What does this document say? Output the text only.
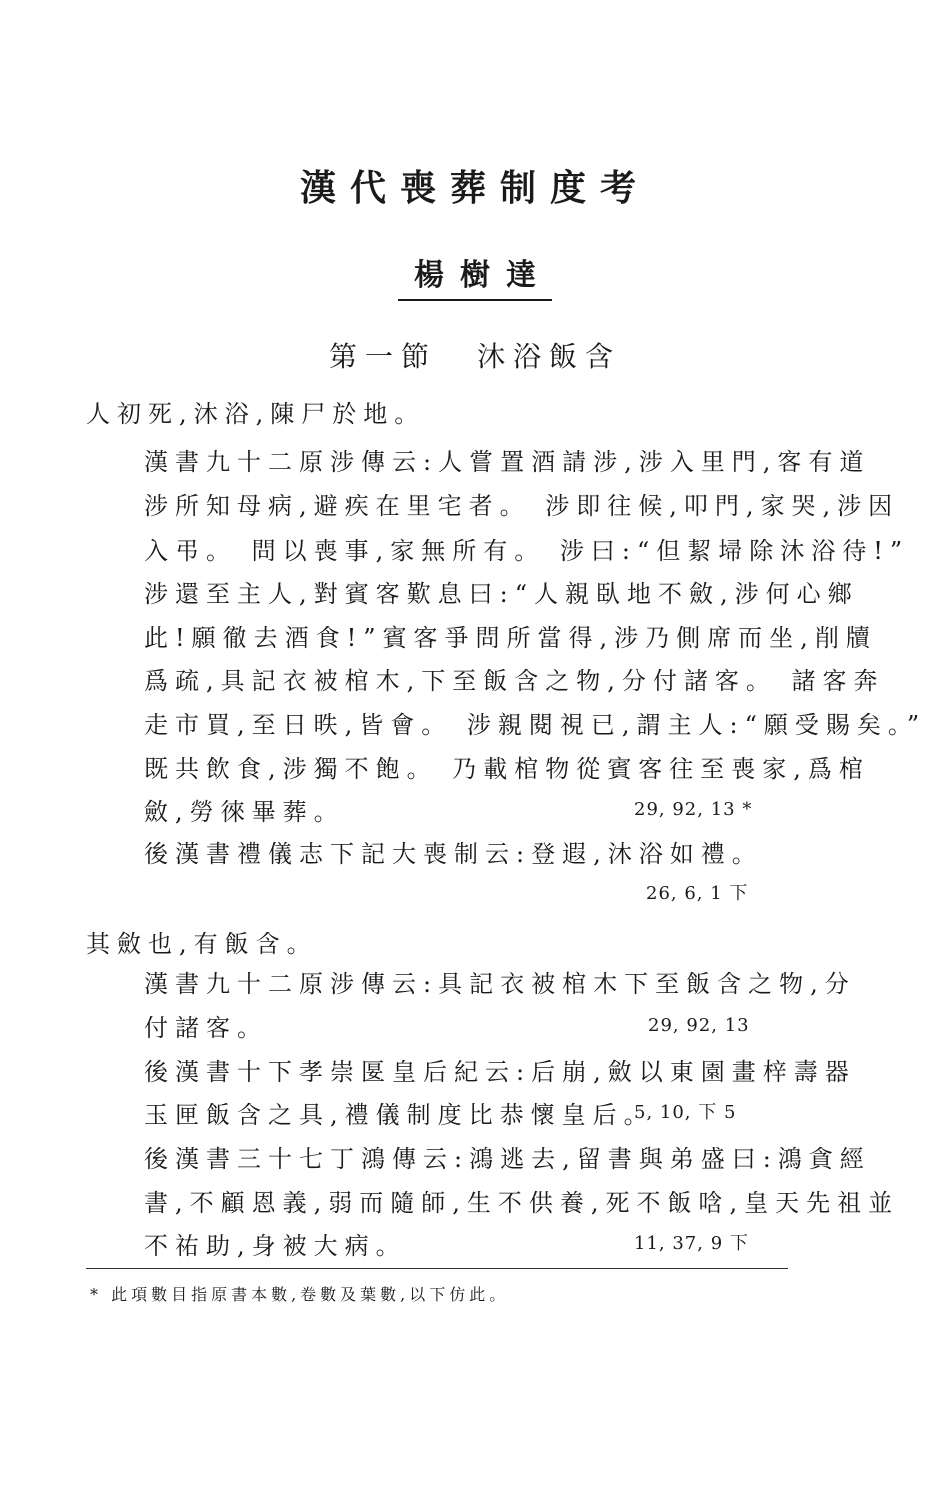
漢代喪葬制度考
楊樹達
第一節 沐浴飯含
人初死,沐浴,陳尸於地。
漢書九十二原涉傳云:人嘗置酒請涉,涉入里門,客有道
涉所知母病,避疾在里宅者。 涉即往候,叩門,家哭,涉因
入弔。 問以喪事,家無所有。 涉曰:“但絜埽除沐浴待!”
涉還至主人,對賓客歎息曰:“人親臥地不斂,涉何心鄉
此!願徹去酒食!”賓客爭問所當得,涉乃側席而坐,削牘
爲疏,具記衣被棺木,下至飯含之物,分付諸客。 諸客奔
走市買,至日昳,皆會。 涉親閱視已,謂主人:“願受賜矣。”
既共飲食,涉獨不飽。 乃載棺物從賓客往至喪家,爲棺
斂,勞徠畢葬。	29, 92, 13 *
後漢書禮儀志下記大喪制云:登遐,沐浴如禮。
26, 6, 1 下
其斂也,有飯含。
漢書九十二原涉傳云:具記衣被棺木下至飯含之物,分
付諸客。	29, 92, 13
後漢書十下孝崇匽皇后紀云:后崩,斂以東園畫梓壽器
玉匣飯含之具,禮儀制度比恭懷皇后。
5, 10, 下 5
後漢書三十七丁鴻傳云:鴻逃去,留書與弟盛曰:鴻貪經
書,不顧恩義,弱而隨師,生不供養,死不飯唅,皇天先祖並
不祐助,身被大病。	11, 37, 9 下
* 此項數目指原書本數,卷數及葉數,以下仿此。
